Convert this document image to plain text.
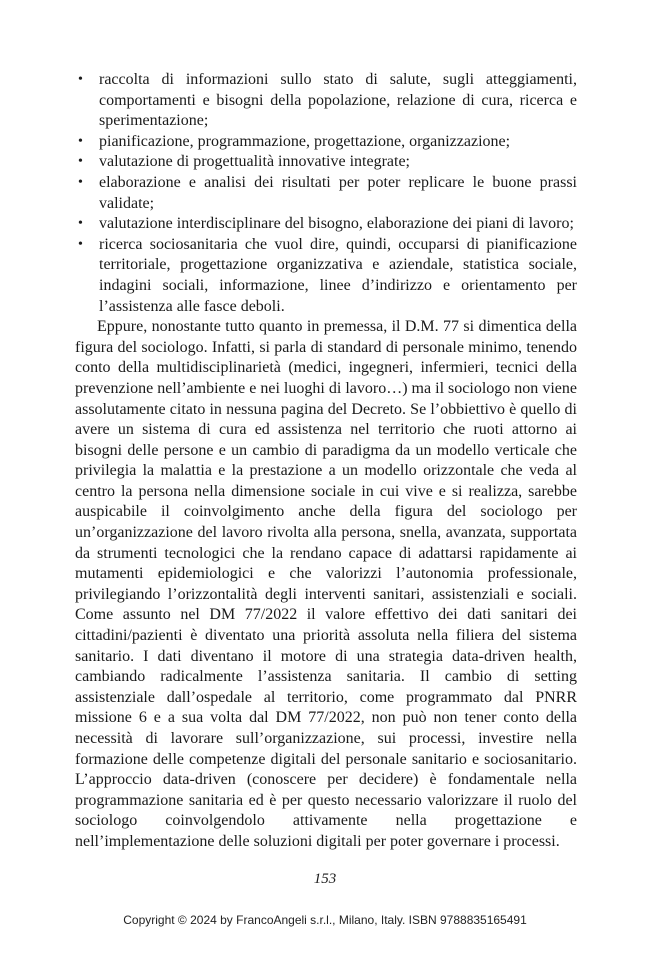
• raccolta di informazioni sullo stato di salute, sugli atteggiamenti, comportamenti e bisogni della popolazione, relazione di cura, ricerca e sperimentazione;
• pianificazione, programmazione, progettazione, organizzazione;
• valutazione di progettualità innovative integrate;
• elaborazione e analisi dei risultati per poter replicare le buone prassi validate;
• valutazione interdisciplinare del bisogno, elaborazione dei piani di lavoro;
• ricerca sociosanitaria che vuol dire, quindi, occuparsi di pianificazione territoriale, progettazione organizzativa e aziendale, statistica sociale, indagini sociali, informazione, linee d’indirizzo e orientamento per l’assistenza alle fasce deboli.

Eppure, nonostante tutto quanto in premessa, il D.M. 77 si dimentica della figura del sociologo. Infatti, si parla di standard di personale minimo, tenendo conto della multidisciplinarietà (medici, ingegneri, infermieri, tecnici della prevenzione nell’ambiente e nei luoghi di lavoro…) ma il sociologo non viene assolutamente citato in nessuna pagina del Decreto. Se l’obbiettivo è quello di avere un sistema di cura ed assistenza nel territorio che ruoti attorno ai bisogni delle persone e un cambio di paradigma da un modello verticale che privilegia la malattia e la prestazione a un modello orizzontale che veda al centro la persona nella dimensione sociale in cui vive e si realizza, sarebbe auspicabile il coinvolgimento anche della figura del sociologo per un’organizzazione del lavoro rivolta alla persona, snella, avanzata, supportata da strumenti tecnologici che la rendano capace di adattarsi rapidamente ai mutamenti epidemiologici e che valorizzi l’autonomia professionale, privilegiando l’orizzontalità degli interventi sanitari, assistenziali e sociali. Come assunto nel DM 77/2022 il valore effettivo dei dati sanitari dei cittadini/pazienti è diventato una priorità assoluta nella filiera del sistema sanitario. I dati diventano il motore di una strategia data-driven health, cambiando radicalmente l’assistenza sanitaria. Il cambio di setting assistenziale dall’ospedale al territorio, come programmato dal PNRR missione 6 e a sua volta dal DM 77/2022, non può non tener conto della necessità di lavorare sull’organizzazione, sui processi, investire nella formazione delle competenze digitali del personale sanitario e sociosanitario. L’approccio data-driven (conoscere per decidere) è fondamentale nella programmazione sanitaria ed è per questo necessario valorizzare il ruolo del sociologo coinvolgendolo attivamente nella progettazione e nell’implementazione delle soluzioni digitali per poter governare i processi.

153
Copyright © 2024 by FrancoAngeli s.r.l., Milano, Italy. ISBN 9788835165491
